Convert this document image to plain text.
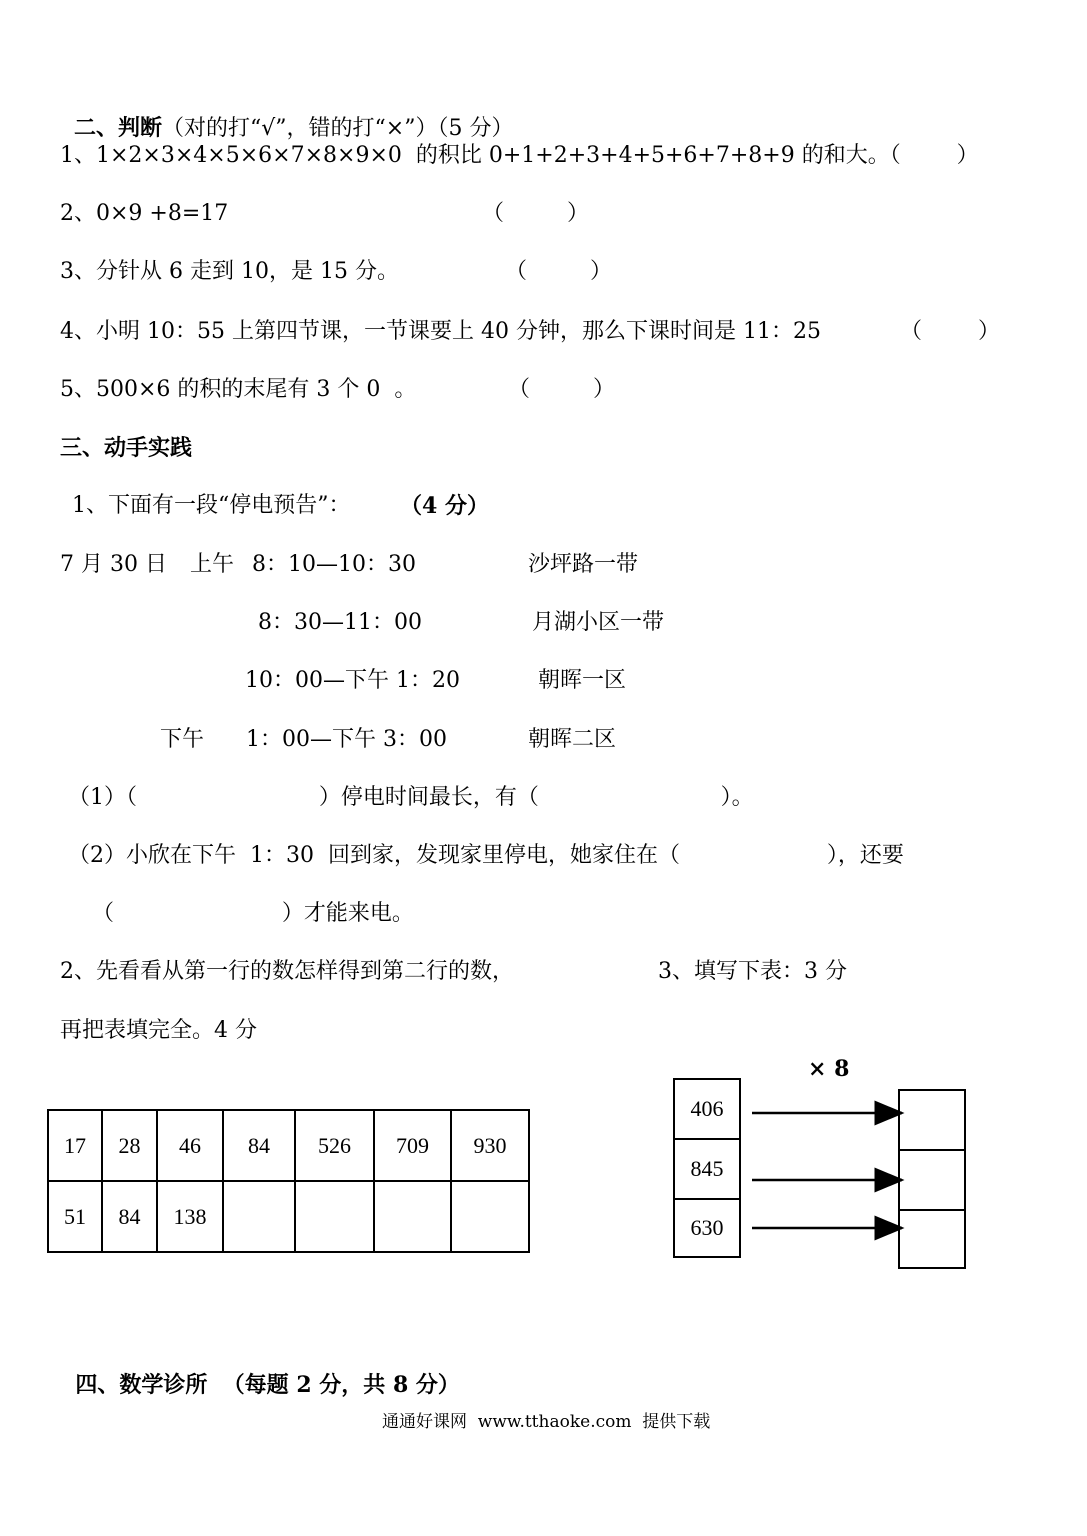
二、判断（对的打“√”，错的打“×”）（5 分）

1、1×2×3×4×5×6×7×8×9×0  的积比 0+1+2+3+4+5+6+7+8+9 的和大。（        ）
2、0×9 +8=17	（         ）
3、分针从 6 走到 10，是 15 分。	（         ）
4、小明 10：55 上第四节课，一节课要上 40 分钟，那么下课时间是 11：25	（        ）
5、500×6 的积的末尾有 3 个 0  。	（         ）
三、动手实践
1、下面有一段“停电预告”： （4 分）
7 月 30 日 上午 8：10—10：30	沙坪路一带
8：30—11：00	月湖小区一带
10：00—下午 1：20	朝晖一区
下午 1：00—下午 3：00	朝晖二区
（1）（                          ）停电时间最长，有（                          ）。
（2）小欣在下午  1：30  回到家，发现家里停电，她家住在（                     ），还要
（                        ）才能来电。
2、先看看从第一行的数怎样得到第二行的数，	3、填写下表：3 分
再把表填完全。4 分
17	28	46	84	526	709	930
51	84	138				
× 8
406
845
630

四、数学诊所 （每题 2 分，共 8 分）

通通好课网  www.tthaoke.com  提供下载
